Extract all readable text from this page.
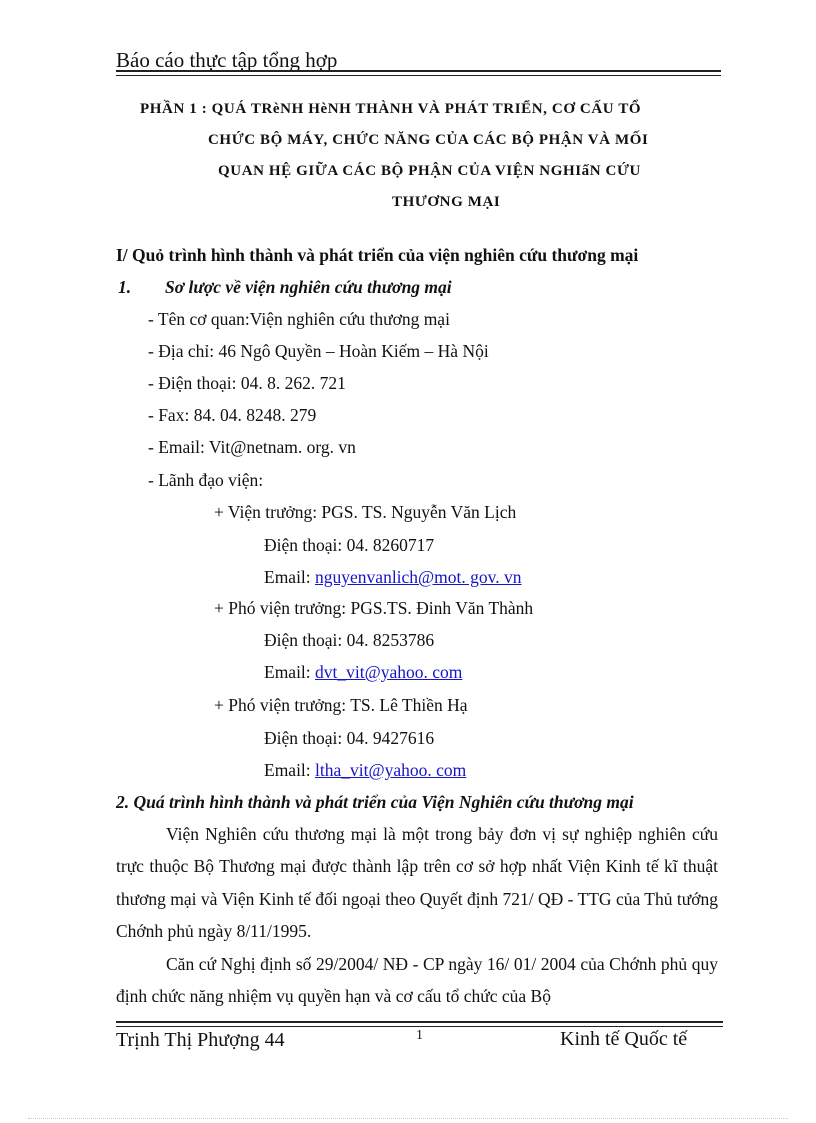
Báo cáo thực tập tổng hợp
PHẦN 1 : QUÁ TRèNH HèNH THÀNH VÀ PHÁT TRIỂN, CƠ CẤU TỔ
CHỨC BỘ MÁY, CHỨC NĂNG CỦA CÁC BỘ PHẬN VÀ MỐI
QUAN HỆ GIỮA CÁC BỘ PHẬN CỦA VIỆN NGHIấN CỨU
THƯƠNG MẠI
I/ Quỏ trình hình thành và phát triển của viện nghiên cứu thương mại
1. Sơ lược về viện nghiên cứu thương mại
- Tên cơ quan:Viện nghiên cứu thương mại
- Địa chỉ: 46 Ngô Quyền – Hoàn Kiếm – Hà Nội
- Điện thoại: 04. 8. 262. 721
- Fax: 84. 04. 8248. 279
- Email: Vit@netnam. org. vn
- Lãnh đạo viện:
+ Viện trưởng: PGS. TS. Nguyễn Văn Lịch
Điện thoại: 04. 8260717
Email: nguyenvanlich@mot. gov. vn
+ Phó viện trưởng: PGS.TS. Đinh Văn Thành
Điện thoại: 04. 8253786
Email: dvt_vit@yahoo. com
+ Phó viện trưởng: TS. Lê Thiền Hạ
Điện thoại: 04. 9427616
Email: ltha_vit@yahoo. com
2. Quá trình hình thành và phát triển của Viện Nghiên cứu thương mại
Viện Nghiên cứu thương mại là một trong bảy đơn vị sự nghiệp nghiên cứu trực thuộc Bộ Thương mại được thành lập trên cơ sở hợp nhất Viện Kinh tế kĩ thuật thương mại và Viện Kinh tế đối ngoại theo Quyết định 721/ QĐ - TTG của Thủ tướng Chớnh phủ ngày 8/11/1995.
Căn cứ Nghị định số 29/2004/ NĐ - CP ngày 16/ 01/ 2004 của Chớnh phủ quy định chức năng nhiệm vụ quyền hạn và cơ cấu tổ chức của Bộ
Trịnh Thị Phượng 44	1	Kinh tế Quốc tế
